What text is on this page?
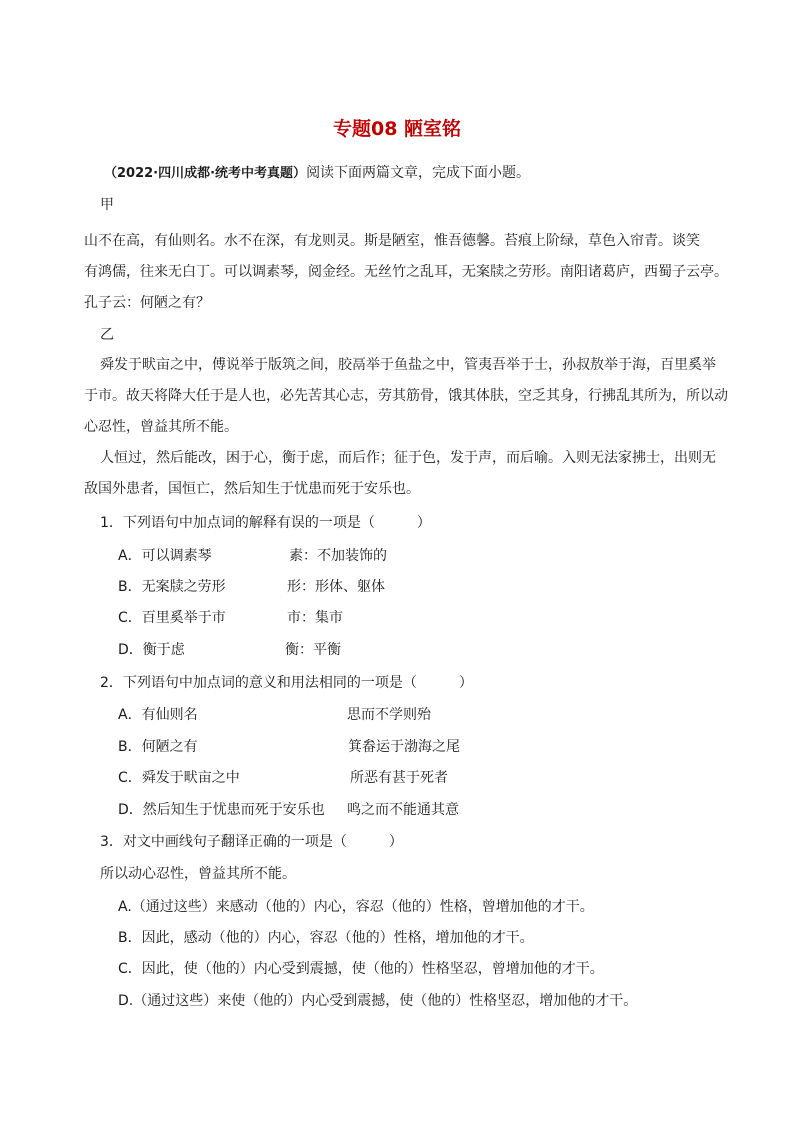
专题08 陋室铭
（2022·四川成都·统考中考真题）阅读下面两篇文章，完成下面小题。
甲
山不在高，有仙则名。水不在深，有龙则灵。斯是陋室，惟吾德馨。苔痕上阶绿，草色入帘青。谈笑
有鸿儒，往来无白丁。可以调素琴，阅金经。无丝竹之乱耳，无案牍之劳形。南阳诸葛庐，西蜀子云亭。
孔子云：何陋之有？
乙
舜发于畎亩之中，傅说举于版筑之间，胶鬲举于鱼盐之中，管夷吾举于士，孙叔敖举于海，百里奚举
于市。故天将降大任于是人也，必先苦其心志，劳其筋骨，饿其体肤，空乏其身，行拂乱其所为，所以动
心忍性，曾益其所不能。
人恒过，然后能改，困于心，衡于虑，而后作；征于色，发于声，而后喻。入则无法家拂士，出则无
敌国外患者，国恒亡，然后知生于忧患而死于安乐也。
1．下列语句中加点词的解释有误的一项是（　　　）
A．可以调素琴	素：不加装饰的
B．无案牍之劳形	形：形体、躯体
C．百里奚举于市	市：集市
D．衡于虑	衡：平衡
2．下列语句中加点词的意义和用法相同的一项是（　　　）
A．有仙则名	思而不学则殆
B．何陋之有	箕畚运于渤海之尾
C．舜发于畎亩之中	所恶有甚于死者
D．然后知生于忧患而死于安乐也 鸣之而不能通其意
3．对文中画线句子翻译正确的一项是（　　　）
所以动心忍性，曾益其所不能。
A.（通过这些）来感动（他的）内心，容忍（他的）性格，曾增加他的才干。
B．因此，感动（他的）内心，容忍（他的）性格，增加他的才干。
C．因此，使（他的）内心受到震撼，使（他的）性格坚忍，曾增加他的才干。
D.（通过这些）来使（他的）内心受到震撼，使（他的）性格坚忍，增加他的才干。
